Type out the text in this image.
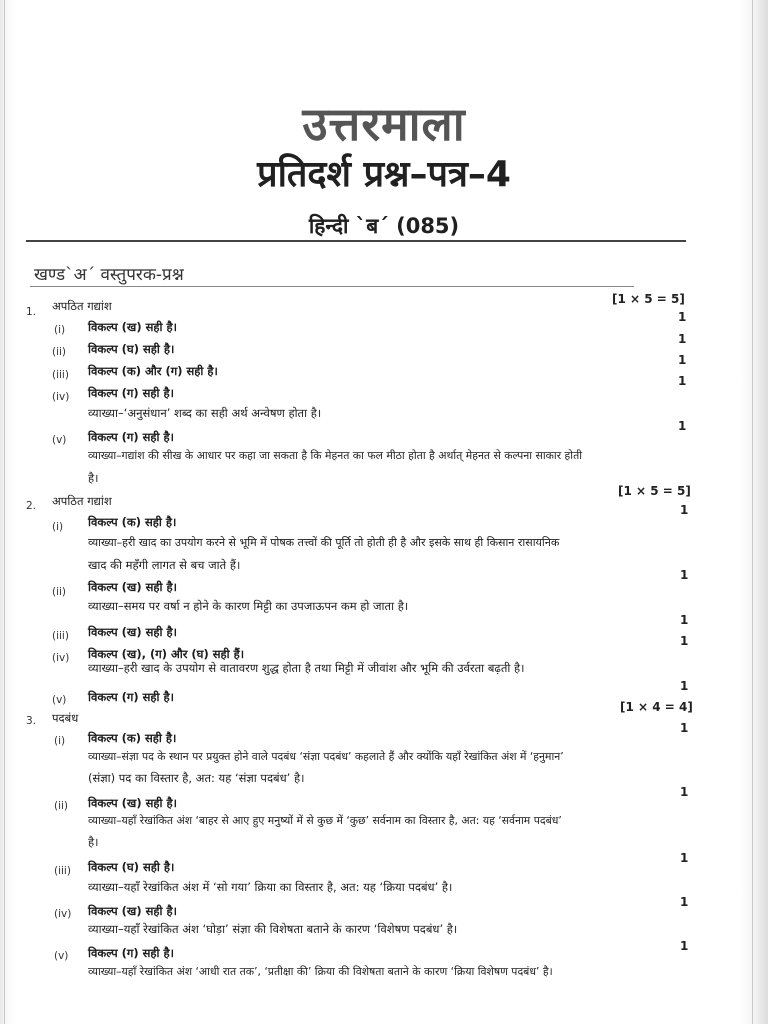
उत्तरमाला
प्रतिदर्श प्रश्न–पत्र–4
हिन्दी `ब´ (085)
खण्ड`अ´ वस्तुपरक-प्रश्न
1. अपठित गद्यांश	[1 × 5 = 5]
(i) विकल्प (ख) सही है।
1
(ii) विकल्प (घ) सही है।
1
(iii) विकल्प (क) और (ग) सही है।
1
(iv) विकल्प (ग) सही है।
1
व्याख्या–‘अनुसंधान’ शब्द का सही अर्थ अन्वेषण होता है।
(v) विकल्प (ग) सही है।
1
व्याख्या–गद्यांश की सीख के आधार पर कहा जा सकता है कि मेहनत का फल मीठा होता है अर्थात् मेहनत से कल्पना साकार होती
है।
2. अपठित गद्यांश
[1 × 5 = 5]
(i) विकल्प (क) सही है।
1
व्याख्या–हरी खाद का उपयोग करने से भूमि में पोषक तत्त्वों की पूर्ति तो होती ही है और इसके साथ ही किसान रासायनिक
खाद की महँगी लागत से बच जाते हैं।
(ii) विकल्प (ख) सही है।
1
व्याख्या–समय पर वर्षा न होने के कारण मिट्टी का उपजाऊपन कम हो जाता है।
(iii) विकल्प (ख) सही है।
1
(iv) विकल्प (ख), (ग) और (घ) सही हैं।
1
व्याख्या–हरी खाद के उपयोग से वातावरण शुद्ध होता है तथा मिट्टी में जीवांश और भूमि की उर्वरता बढ़ती है।
(v) विकल्प (ग) सही है।
1
3. पदबंध
[1 × 4 = 4]
(i) विकल्प (क) सही है।
1
व्याख्या–संज्ञा पद के स्थान पर प्रयुक्त होने वाले पदबंध ‘संज्ञा पदबंध’ कहलाते हैं और क्योंकि यहाँ रेखांकित अंश में ‘हनुमान’
(संज्ञा) पद का विस्तार है, अत: यह ‘संज्ञा पदबंध’ है।
(ii) विकल्प (ख) सही है।
1
व्याख्या–यहाँ रेखांकित अंश ‘बाहर से आए हुए मनुष्यों में से कुछ में ‘कुछ’ सर्वनाम का विस्तार है, अत: यह ‘सर्वनाम पदबंध’
है।
(iii) विकल्प (घ) सही है।
1
व्याख्या–यहाँ रेखांकित अंश में ‘सो गया’ क्रिया का विस्तार है, अत: यह ‘क्रिया पदबंध’ है।
(iv) विकल्प (ख) सही है।
1
व्याख्या–यहाँ रेखांकित अंश ‘घोड़ा’ संज्ञा की विशेषता बताने के कारण ‘विशेषण पदबंध’ है।
(v) विकल्प (ग) सही है।	1
व्याख्या–यहाँ रेखांकित अंश ‘आधी रात तक’, ‘प्रतीक्षा की’ क्रिया की विशेषता बताने के कारण ‘क्रिया विशेषण पदबंध’ है।
